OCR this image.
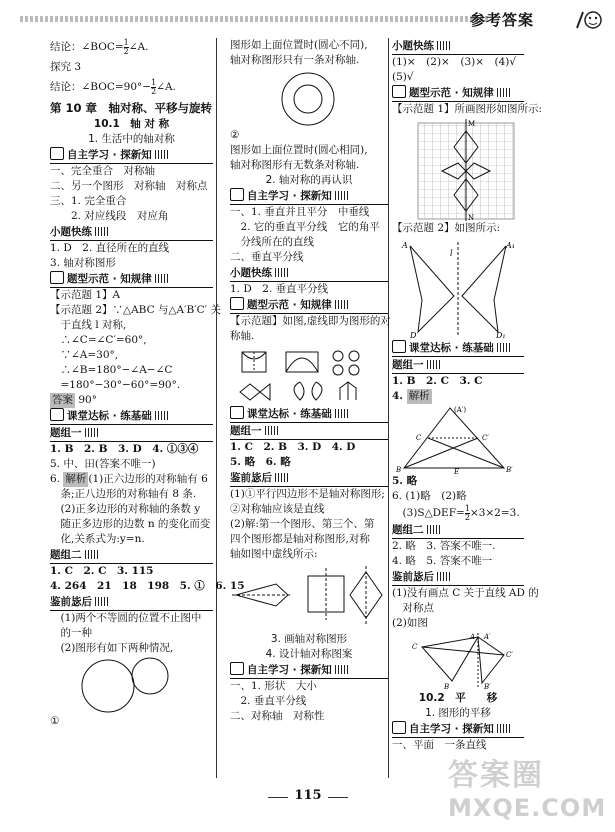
参考答案
结论：∠BOC= $\frac{1}{2}$ ∠A.
探究 3
结论：∠BOC=90°− $\frac{1}{2}$ ∠A.
第 10 章　轴对称、平移与旋转
10.1　轴 对 称
1. 生活中的轴对称
自主学习 · 探新知
一、完全重合　对称轴
二、另一个图形　对称轴　对称点
三、1. 完全重合
　　2. 对应线段　对应角
小题快练
1. D　2. 直径所在的直线
3. 轴对称图形
题型示范 · 知规律
【示范题 1】A
【示范题 2】∵△ABC 与△A′B′C′ 关
　于直线 l 对称,
　∴∠C=∠C′=60°,
　∵∠A=30°,
　∴∠B=180°−∠A−∠C
　=180°−30°−60°=90°.
答案 90°
课堂达标 · 练基础
题组一
1. B　2. B　3. D　4. ①③④
5. 中、田(答案不唯一)
6. 解析 (1)正六边形的对称轴有 6
　条;正八边形的对称轴有 8 条.
　(2)正多边形的对称轴的条数 y
　随正多边形的边数 n 的变化而变
　化,关系式为:y=n.
题组二
1. C　2. C　3. 115
4. 264　21　18　198　5. ①　6. 15
鉴前毖后
　(1)两个不等圆的位置不止图中
　的一种
　(2)图形有如下两种情况,
①
图形如上面位置时(圆心不同),
轴对称图形只有一条对称轴.
②
图形如上面位置时(圆心相同),
轴对称图形有无数条对称轴.
2. 轴对称的再认识
自主学习 · 探新知
一、1. 垂直并且平分　中垂线
　2. 它的垂直平分线　它的角平
　分线所在的直线
二、垂直平分线
小题快练
1. D　2. 垂直平分线
题型示范 · 知规律
【示范题】如图,虚线即为图形的对
称轴.
课堂达标 · 练基础
题组一
1. C　2. B　3. D　4. D
5. 略　6. 略
鉴前毖后
(1)①平行四边形不是轴对称图形;
②对称轴应该是直线
(2)解:第一个图形、第三个、第
四个图形都是轴对称图形,对称
轴如图中虚线所示:
3. 画轴对称图形
4. 设计轴对称图案
自主学习 · 探新知
一、1. 形状　大小
　2. 垂直平分线
二、对称轴　对称性
小题快练
(1)×　(2)×　(3)×　(4)√
(5)√
题型示范 · 知规律
【示范题 1】所画图形如图所示:
M
N
【示范题 2】如图所示:
A	A₁
l
D	D₁
课堂达标 · 练基础
题组一
1. B　2. C　3. C
4. 解析
(A′)
C
B	E
C′
B′
5. 略
6. (1)略　(2)略
　(3)S△DEF= $\frac{1}{2} \times 3\times 2=3$.
题组二
2. 略　3. 答案不唯一.
4. 略　5. 答案不唯一
鉴前毖后
(1)没有画点 C 关于直线 AD 的
　对称点
(2)如图
C
A A′
C′
B	B′
10.2　平　　移
1. 图形的平移
自主学习 · 探新知
一、平面　一条直线
115
答案圈
MXQE.COM
